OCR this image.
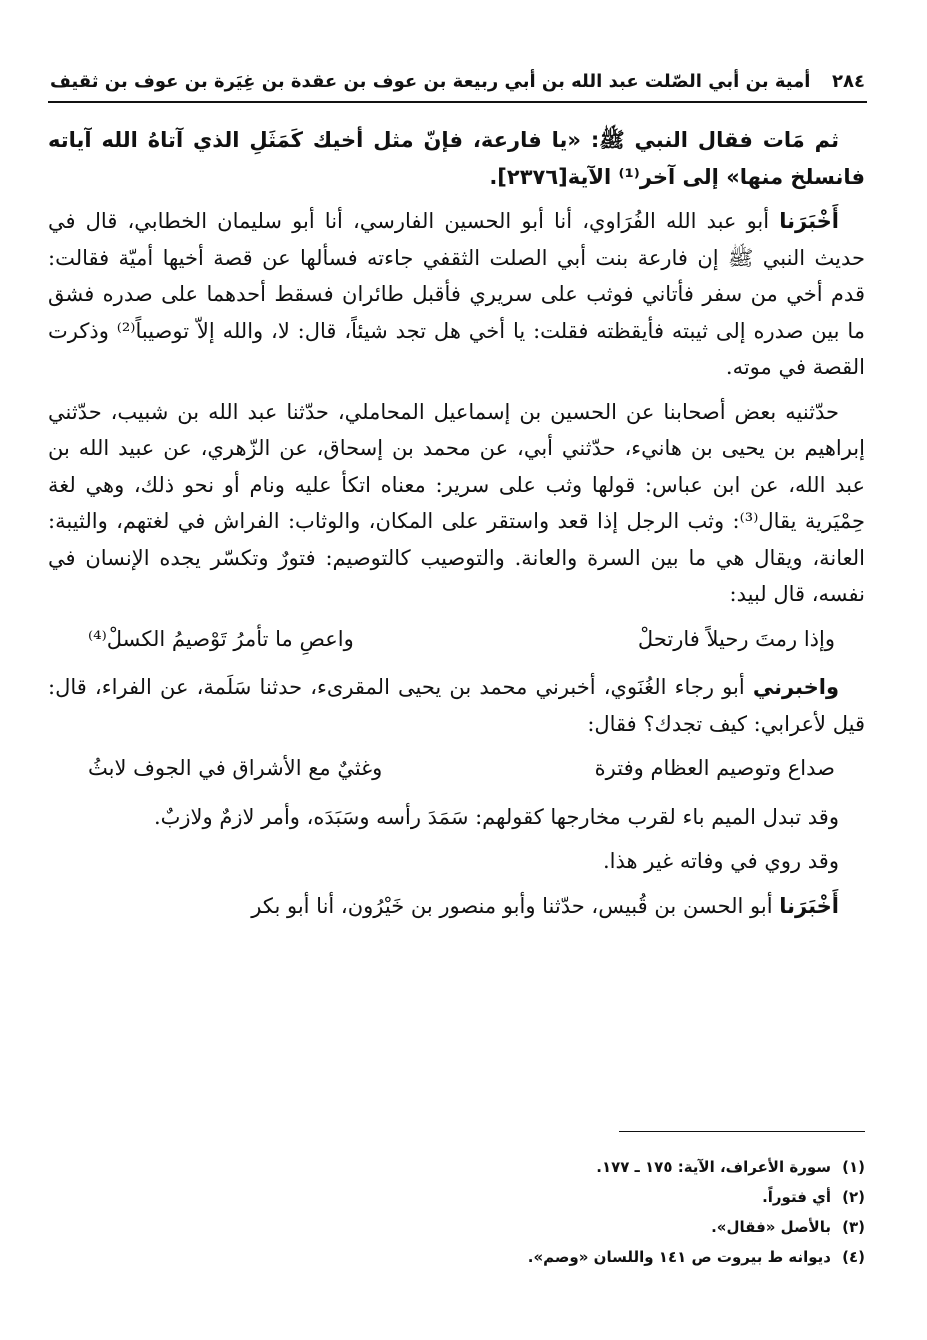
٢٨٤
أمية بن أبي الصّلت عبد الله بن أبي ربيعة بن عوف بن عقدة بن غِيَرة بن عوف بن ثقيف

ثم مَات فقال النبي ﷺ: «يا فارعة، فإنّ مثل أخيك كَمَثَلِ الذي آتاهُ الله آياته فانسلخ منها» إلى آخر⁽¹⁾ الآية[٢٣٧٦].

أَخْبَرَنا أبو عبد الله الفُرَاوي، أنا أبو الحسين الفارسي، أنا أبو سليمان الخطابي، قال في حديث النبي ﷺ إن فارعة بنت أبي الصلت الثقفي جاءته فسألها عن قصة أخيها أميّة فقالت: قدم أخي من سفر فأتاني فوثب على سريري فأقبل طائران فسقط أحدهما على صدره فشق ما بين صدره إلى ثيبته فأيقظته فقلت: يا أخي هل تجد شيئاً، قال: لا، والله إلاّ توصيباً⁽²⁾ وذكرت القصة في موته.

حدّثنيه بعض أصحابنا عن الحسين بن إسماعيل المحاملي، حدّثنا عبد الله بن شبيب، حدّثني إبراهيم بن يحيى بن هانيء، حدّثني أبي، عن محمد بن إسحاق، عن الزّهري، عن عبيد الله بن عبد الله، عن ابن عباس: قولها وثب على سرير: معناه اتكأ عليه ونام أو نحو ذلك، وهي لغة حِمْيَرية يقال⁽³⁾: وثب الرجل إذا قعد واستقر على المكان، والوثاب: الفراش في لغتهم، والثيبة: العانة، ويقال هي ما بين السرة والعانة. والتوصيب كالتوصيم: فتورٌ وتكسّر يجده الإنسان في نفسه، قال لبيد:

وإذا رمتَ رحيلاً فارتحلْ
واعصِ ما تأمرُ تَوْصيمُ الكسلْ⁽⁴⁾

واخبرني أبو رجاء الغُنَوي، أخبرني محمد بن يحيى المقرىء، حدثنا سَلَمة، عن الفراء، قال: قيل لأعرابي: كيف تجدك؟ فقال:

صداع وتوصيم العظام وفترة
وغثيٌ مع الأشراق في الجوف لابثُ

وقد تبدل الميم باء لقرب مخارجها كقولهم: سَمَدَ رأسه وسَبَدَه، وأمر لازمٌ ولازبٌ.

وقد روي في وفاته غير هذا.

أَخْبَرَنا أبو الحسن بن قُبيس، حدّثنا وأبو منصور بن خَيْرُون، أنا أبو بكر

(١)
سورة الأعراف، الآية: ١٧٥ ـ ١٧٧.
(٢)
أي فتوراً.
(٣)
بالأصل «فقال».
(٤)
ديوانه ط بيروت ص ١٤١ واللسان «وصم».
